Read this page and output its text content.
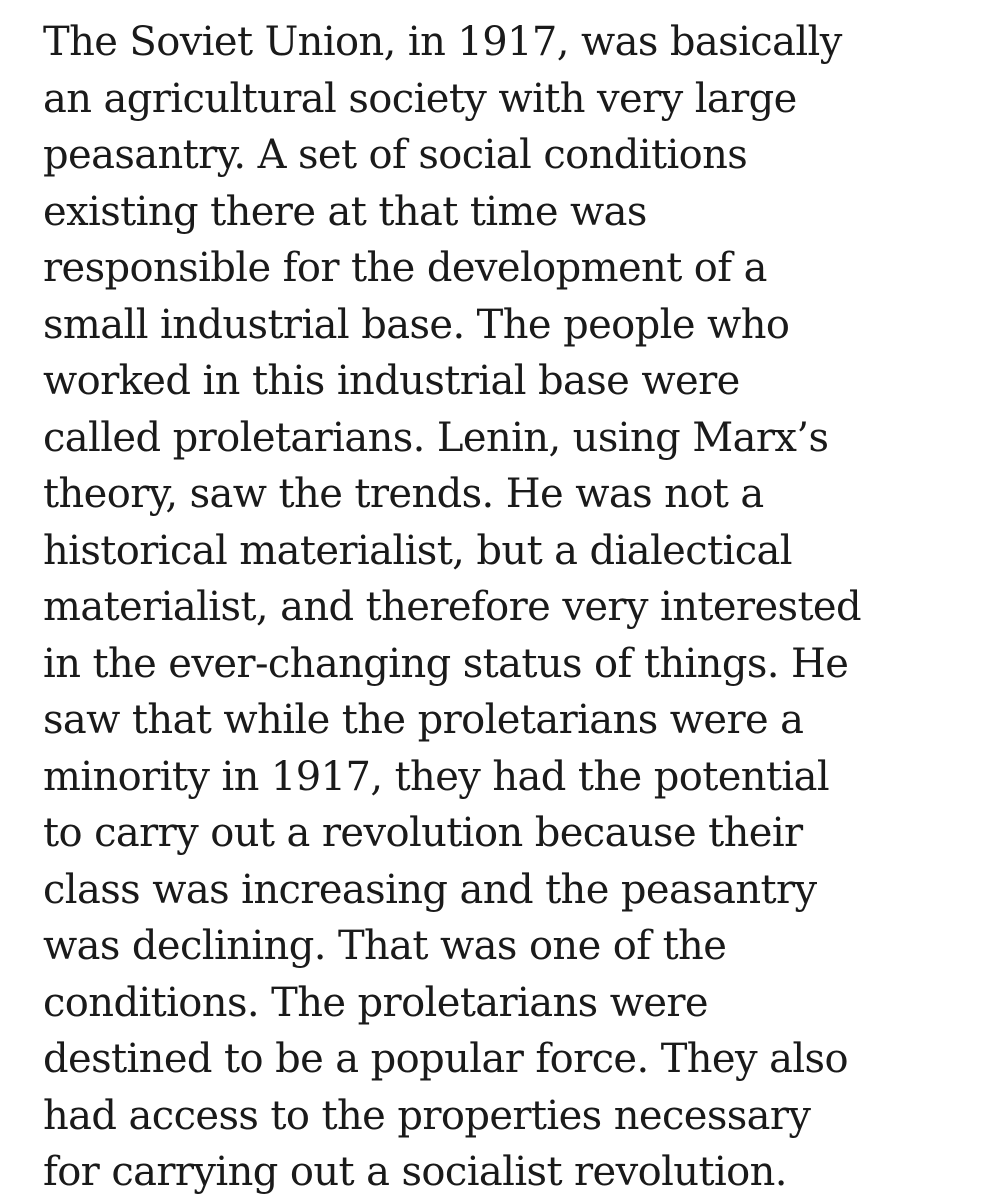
The Soviet Union, in 1917, was basically
an agricultural society with very large
peasantry. A set of social conditions
existing there at that time was
responsible for the development of a
small industrial base. The people who
worked in this industrial base were
called proletarians. Lenin, using Marx’s
theory, saw the trends. He was not a
historical materialist, but a dialectical
materialist, and therefore very interested
in the ever-changing status of things. He
saw that while the proletarians were a
minority in 1917, they had the potential
to carry out a revolution because their
class was increasing and the peasantry
was declining. That was one of the
conditions. The proletarians were
destined to be a popular force. They also
had access to the properties necessary
for carrying out a socialist revolution.
